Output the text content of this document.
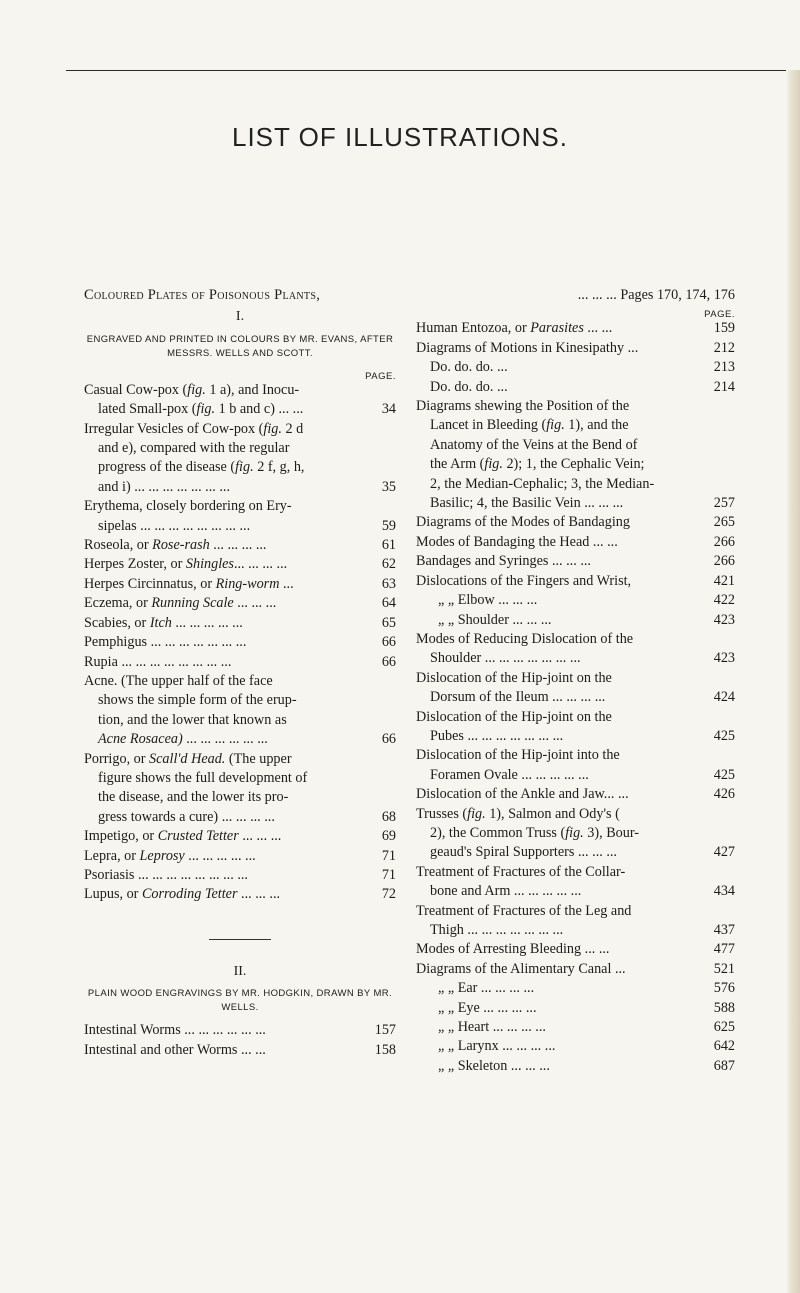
LIST OF ILLUSTRATIONS.
Coloured Plates of Poisonous Plants,
I.
ENGRAVED AND PRINTED IN COLOURS BY MR. EVANS, AFTER MESSRS. WELLS AND SCOTT.
PAGE.
Casual Cow-pox (fig. 1 a), and Inocu-
lated Small-pox (fig. 1 b and c) ... ...	34
Irregular Vesicles of Cow-pox (fig. 2 d
and e), compared with the regular
progress of the disease (fig. 2 f, g, h,
and i) ... ... ... ... ... ... ...	35
Erythema, closely bordering on Ery-
sipelas ... ... ... ... ... ... ... ...	59
Roseola, or Rose-rash ... ... ... ...	61
Herpes Zoster, or Shingles... ... ... ...	62
Herpes Circinnatus, or Ring-worm ...	63
Eczema, or Running Scale ... ... ...	64
Scabies, or Itch ... ... ... ... ...	65
Pemphigus ... ... ... ... ... ... ...	66
Rupia ... ... ... ... ... ... ... ...	66
Acne. (The upper half of the face
shows the simple form of the erup-
tion, and the lower that known as
Acne Rosacea) ... ... ... ... ... ...	66
Porrigo, or Scall'd Head. (The upper
figure shows the full development of
the disease, and the lower its pro-
gress towards a cure) ... ... ... ...	68
Impetigo, or Crusted Tetter ... ... ...	69
Lepra, or Leprosy ... ... ... ... ...	71
Psoriasis ... ... ... ... ... ... ... ...	71
Lupus, or Corroding Tetter ... ... ...	72
II.
PLAIN WOOD ENGRAVINGS BY MR. HODGKIN, DRAWN BY MR. WELLS.
Intestinal Worms ... ... ... ... ... ...	157
Intestinal and other Worms ... ...	158
... ... ... Pages 170, 174, 176
PAGE.
Human Entozoa, or Parasites ... ...	159
Diagrams of Motions in Kinesipathy ...	212
Do. do. do. ...	213
Do. do. do. ...	214
Diagrams shewing the Position of the
Lancet in Bleeding (fig. 1), and the
Anatomy of the Veins at the Bend of
the Arm (fig. 2); 1, the Cephalic Vein;
2, the Median-Cephalic; 3, the Median-
Basilic; 4, the Basilic Vein ... ... ...	257
Diagrams of the Modes of Bandaging	265
Modes of Bandaging the Head ... ...	266
Bandages and Syringes ... ... ...	266
Dislocations of the Fingers and Wrist,	421
„ „ Elbow ... ... ...	422
„ „ Shoulder ... ... ...	423
Modes of Reducing Dislocation of the
Shoulder ... ... ... ... ... ... ...	423
Dislocation of the Hip-joint on the
Dorsum of the Ileum ... ... ... ...	424
Dislocation of the Hip-joint on the
Pubes ... ... ... ... ... ... ...	425
Dislocation of the Hip-joint into the
Foramen Ovale ... ... ... ... ...	425
Dislocation of the Ankle and Jaw... ...	426
Trusses (fig. 1), Salmon and Ody's (
2), the Common Truss (fig. 3), Bour-
geaud's Spiral Supporters ... ... ...	427
Treatment of Fractures of the Collar-
bone and Arm ... ... ... ... ...	434
Treatment of Fractures of the Leg and
Thigh ... ... ... ... ... ... ...	437
Modes of Arresting Bleeding ... ...	477
Diagrams of the Alimentary Canal ...	521
„ „ Ear ... ... ... ...	576
„ „ Eye ... ... ... ...	588
„ „ Heart ... ... ... ...	625
„ „ Larynx ... ... ... ...	642
„ „ Skeleton ... ... ...	687
